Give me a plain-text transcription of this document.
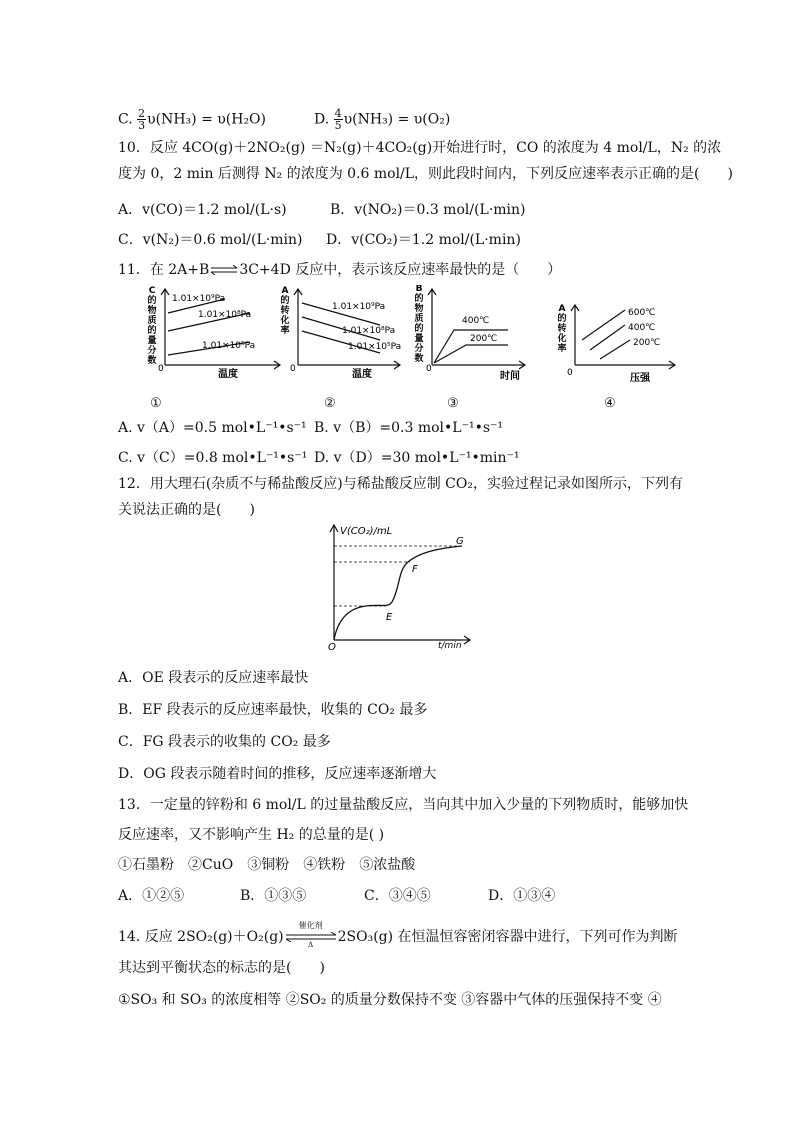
C. $\frac{2}{3} \upsilon(NH_3) = \upsilon(H_2O)$	D. $\frac{4}{5} \upsilon(NH_3) = \upsilon(O_2)$
10．反应 4CO(g)＋2NO₂(g) ＝N₂(g)＋4CO₂(g)开始进行时，CO 的浓度为 4 mol/L，N₂ 的浓
度为 0，2 min 后测得 N₂ 的浓度为 0.6 mol/L，则此段时间内，下列反应速率表示正确的是(　　)
A．v(CO)＝1.2 mol/(L·s)	B．v(NO₂)＝0.3 mol/(L·min)
C．v(N₂)＝0.6 mol/(L·min) D．v(CO₂)＝1.2 mol/(L·min)
11．在 2A+B⇌3C+4D 反应中，表示该反应速率最快的是（　　）
1.01×10⁹Pa
1.01×10⁸Pa
1.01×10⁵Pa
0	温度
C
的
物
质
的
量
分
数
1.01×10⁹Pa
1.01×10⁸Pa
1.01×10⁵Pa
0	温度
A
的
转
化
率
400℃
200℃
0
时间
B
的
物
质
的
量
分
数
600℃
400℃
200℃
0	压强
A
的
转
化
率
①	②	③	④
A. v（A）=0.5 mol•L⁻¹•s⁻¹ B. v（B）=0.3 mol•L⁻¹•s⁻¹
C. v（C）=0.8 mol•L⁻¹•s⁻¹ D. v（D）=30 mol•L⁻¹•min⁻¹
12．用大理石(杂质不与稀盐酸反应)与稀盐酸反应制 CO₂，实验过程记录如图所示，下列有
关说法正确的是(　　)
V(CO₂)/mL
t/min
O
E
F
G
A．OE 段表示的反应速率最快
B．EF 段表示的反应速率最快，收集的 CO₂ 最多
C．FG 段表示的收集的 CO₂ 最多
D．OG 段表示随着时间的推移，反应速率逐渐增大
13．一定量的锌粉和 6 mol/L 的过量盐酸反应，当向其中加入少量的下列物质时，能够加快
反应速率，又不影响产生 H₂ 的总量的是( )
①石墨粉　②CuO　③铜粉　④铁粉　⑤浓盐酸
A．①②⑤	B．①③⑤	C．③④⑤	D．①③④
14. 反应 2SO₂(g)＋O₂(g)
催化剂
Δ	2SO₃(g) 在恒温恒容密闭容器中进行，下列可作为判断
其达到平衡状态的标志的是(　　)
①SO₃ 和 SO₃ 的浓度相等 ②SO₂ 的质量分数保持不变 ③容器中气体的压强保持不变 ④
